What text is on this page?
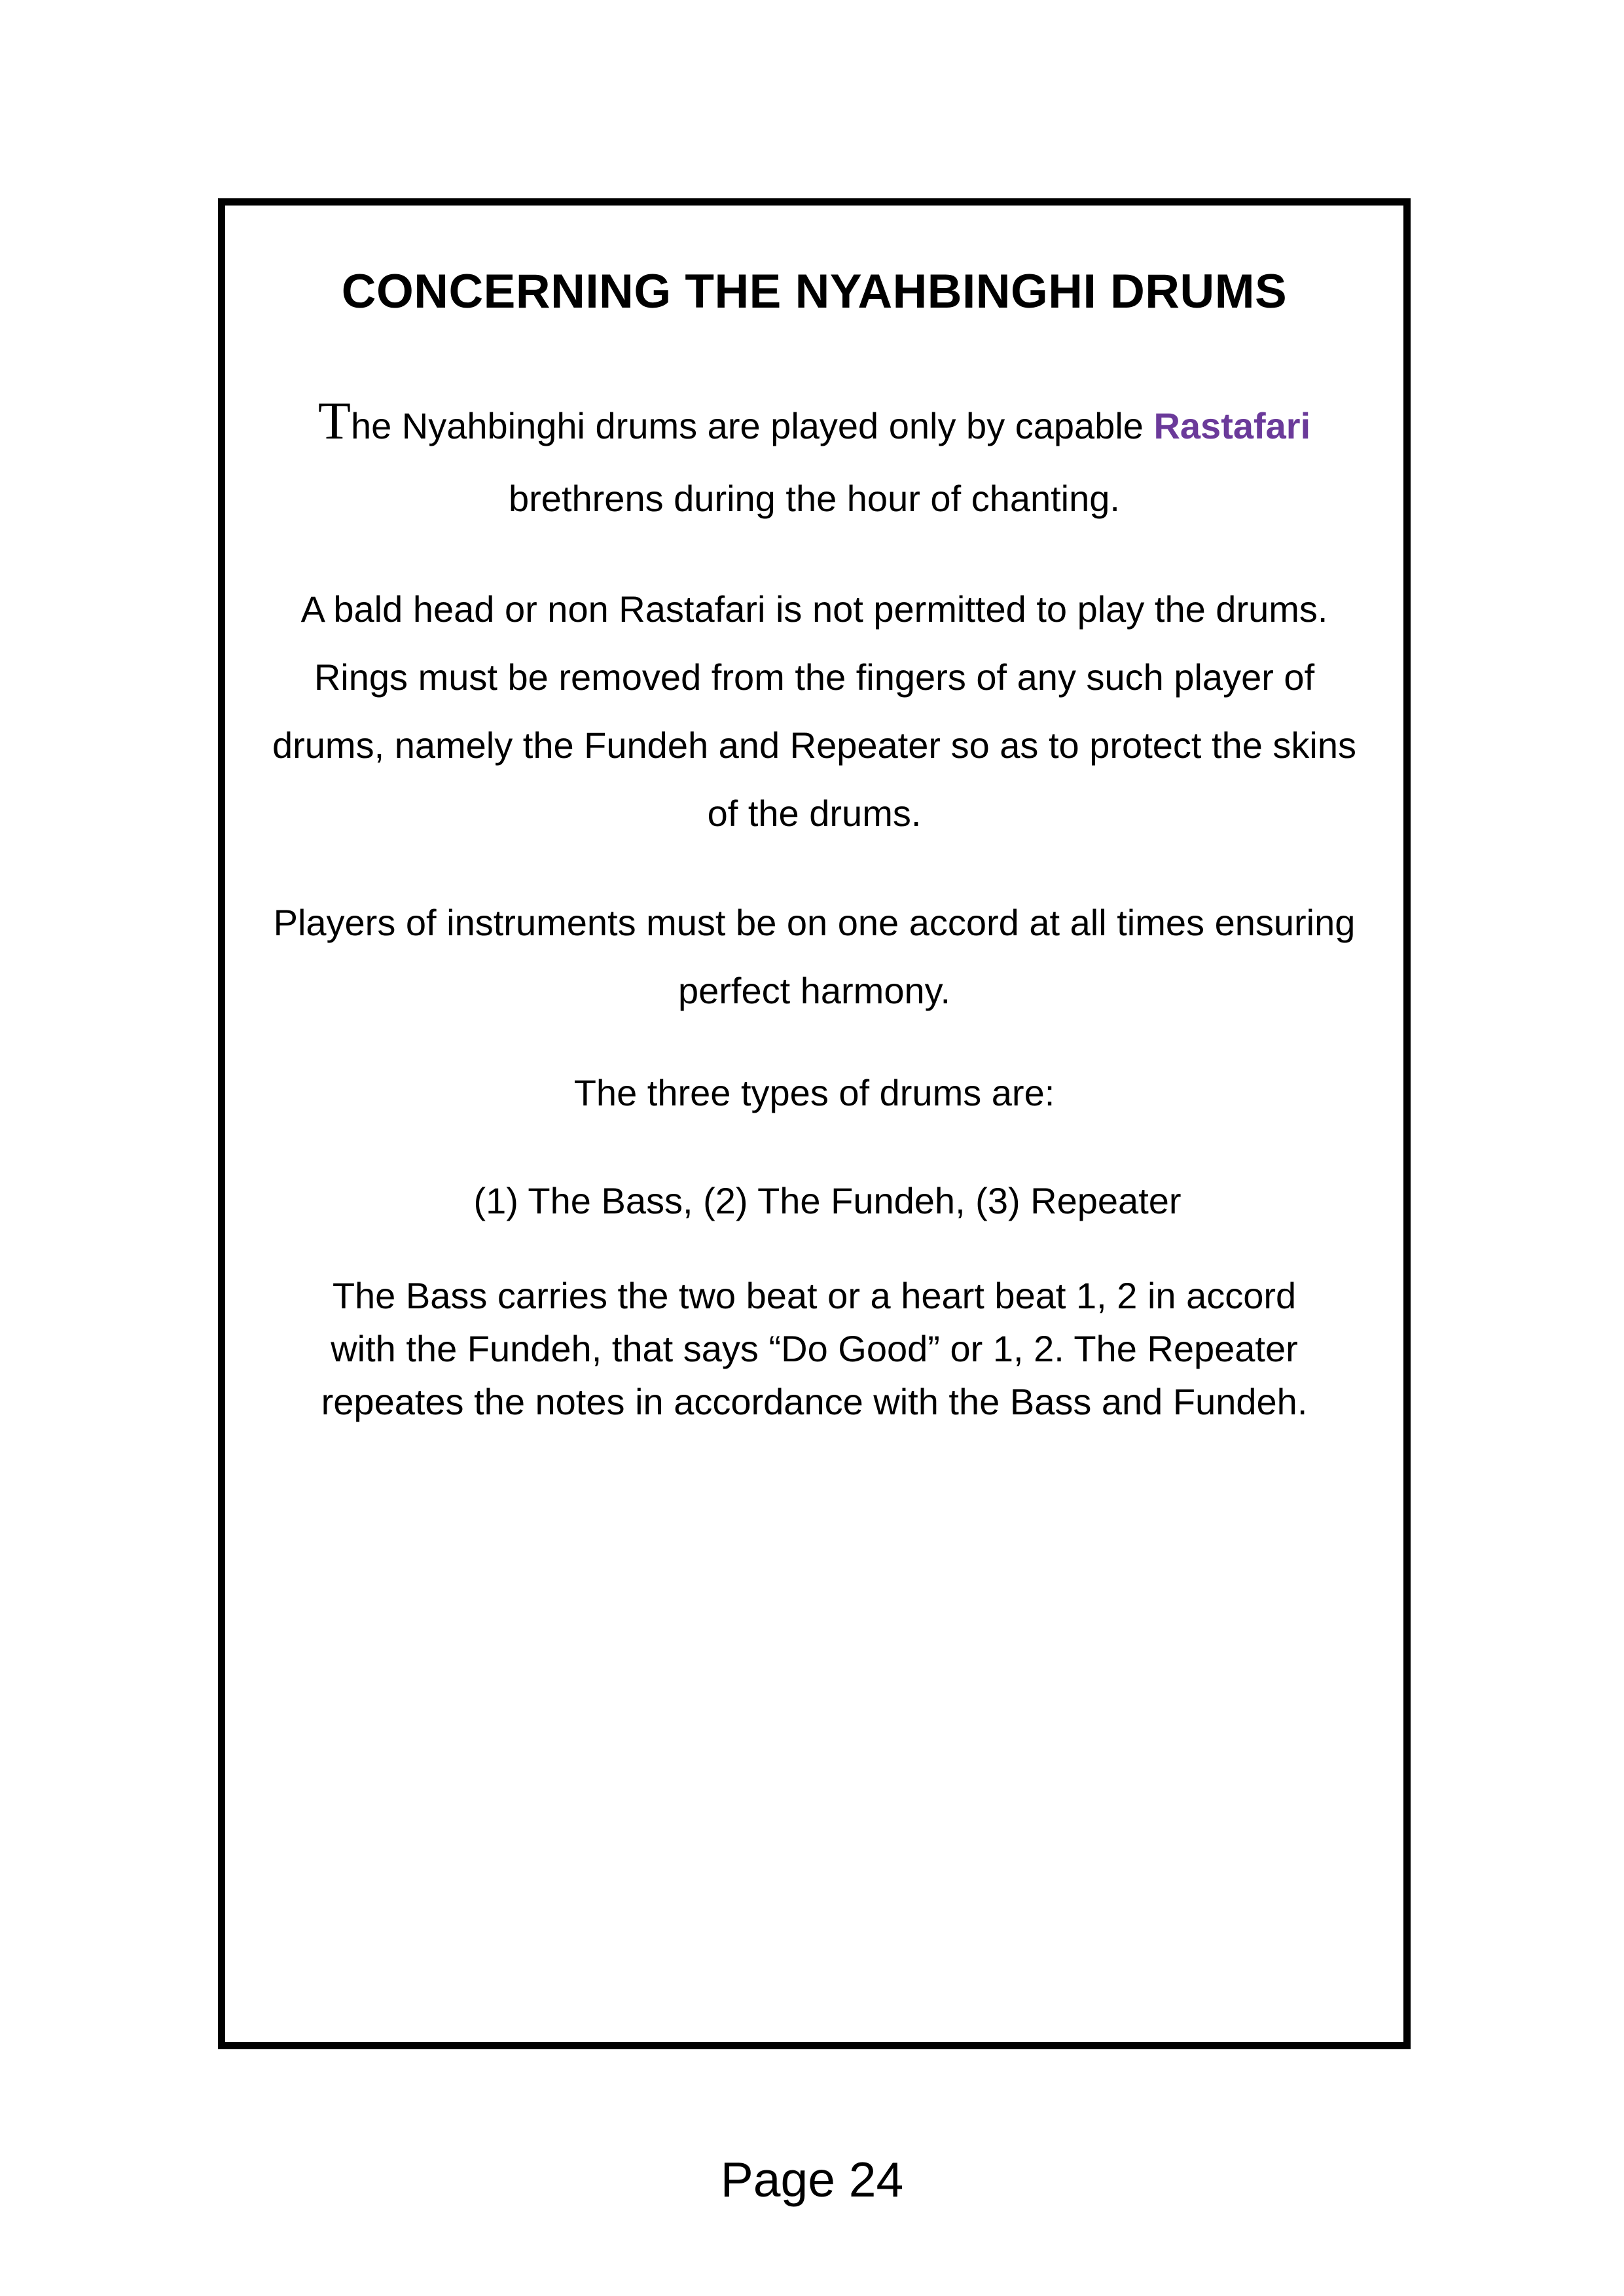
CONCERNING THE NYAHBINGHI DRUMS
The Nyahbinghi drums are played only by capable Rastafari
brethrens during the hour of chanting.
A bald head or non Rastafari is not permitted to play the drums.
Rings must be removed from the fingers of any such player of
drums, namely the Fundeh and Repeater so as to protect the skins
of the drums.
Players of instruments must be on one accord at all times ensuring
perfect harmony.
The three types of drums are:
(1) The Bass, (2) The Fundeh, (3) Repeater
The Bass carries the two beat or a heart beat 1, 2 in accord
with the Fundeh, that says “Do Good” or 1, 2. The Repeater
repeates the notes in accordance with the Bass and Fundeh.
Page 24
